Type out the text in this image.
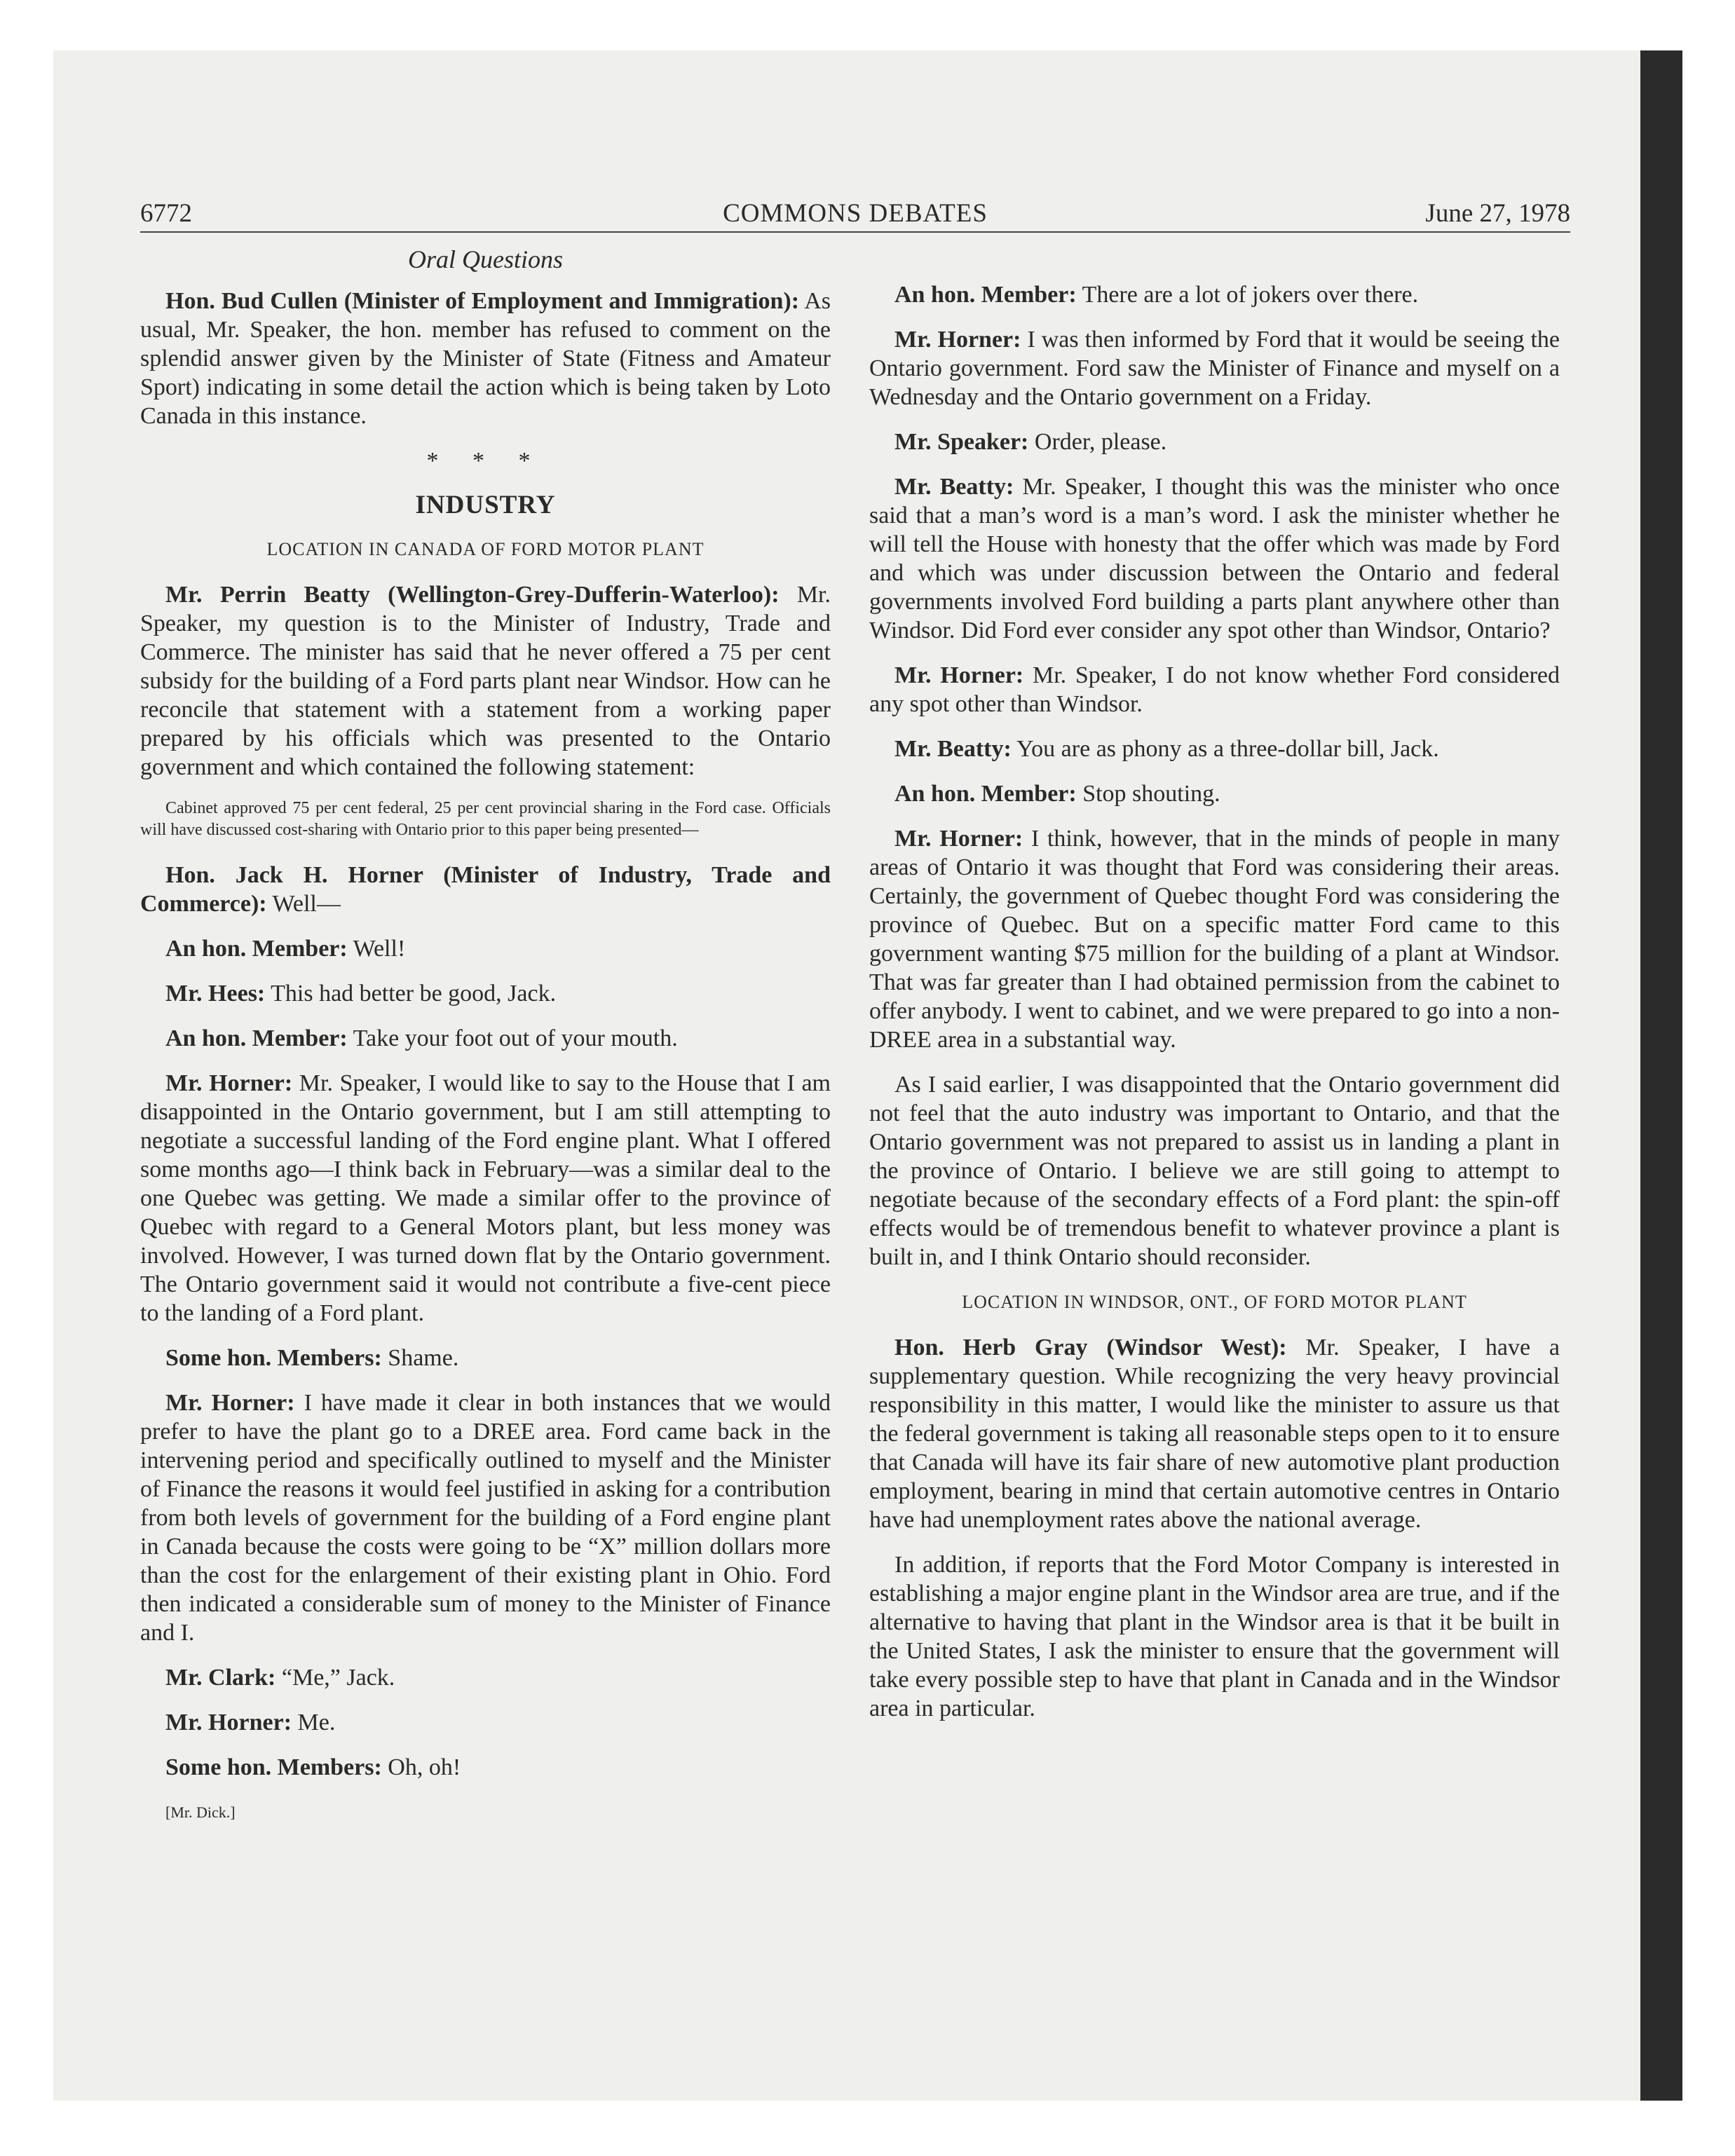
6772	COMMONS DEBATES	June 27, 1978
Oral Questions

Hon. Bud Cullen (Minister of Employment and Immigration): As usual, Mr. Speaker, the hon. member has refused to comment on the splendid answer given by the Minister of State (Fitness and Amateur Sport) indicating in some detail the action which is being taken by Loto Canada in this instance.

* * *
INDUSTRY
LOCATION IN CANADA OF FORD MOTOR PLANT

Mr. Perrin Beatty (Wellington-Grey-Dufferin-Waterloo): Mr. Speaker, my question is to the Minister of Industry, Trade and Commerce. The minister has said that he never offered a 75 per cent subsidy for the building of a Ford parts plant near Windsor. How can he reconcile that statement with a statement from a working paper prepared by his officials which was presented to the Ontario government and which contained the following statement:

Cabinet approved 75 per cent federal, 25 per cent provincial sharing in the Ford case. Officials will have discussed cost-sharing with Ontario prior to this paper being presented—

Hon. Jack H. Horner (Minister of Industry, Trade and Commerce): Well—

An hon. Member: Well!

Mr. Hees: This had better be good, Jack.

An hon. Member: Take your foot out of your mouth.

Mr. Horner: Mr. Speaker, I would like to say to the House that I am disappointed in the Ontario government, but I am still attempting to negotiate a successful landing of the Ford engine plant. What I offered some months ago—I think back in February—was a similar deal to the one Quebec was getting. We made a similar offer to the province of Quebec with regard to a General Motors plant, but less money was involved. However, I was turned down flat by the Ontario government. The Ontario government said it would not contribute a five-cent piece to the landing of a Ford plant.

Some hon. Members: Shame.

Mr. Horner: I have made it clear in both instances that we would prefer to have the plant go to a DREE area. Ford came back in the intervening period and specifically outlined to myself and the Minister of Finance the reasons it would feel justified in asking for a contribution from both levels of government for the building of a Ford engine plant in Canada because the costs were going to be “X” million dollars more than the cost for the enlargement of their existing plant in Ohio. Ford then indicated a considerable sum of money to the Minister of Finance and I.

Mr. Clark: “Me,” Jack.

Mr. Horner: Me.

Some hon. Members: Oh, oh!

[Mr. Dick.]

An hon. Member: There are a lot of jokers over there.

Mr. Horner: I was then informed by Ford that it would be seeing the Ontario government. Ford saw the Minister of Finance and myself on a Wednesday and the Ontario government on a Friday.

Mr. Speaker: Order, please.

Mr. Beatty: Mr. Speaker, I thought this was the minister who once said that a man’s word is a man’s word. I ask the minister whether he will tell the House with honesty that the offer which was made by Ford and which was under discussion between the Ontario and federal governments involved Ford building a parts plant anywhere other than Windsor. Did Ford ever consider any spot other than Windsor, Ontario?

Mr. Horner: Mr. Speaker, I do not know whether Ford considered any spot other than Windsor.

Mr. Beatty: You are as phony as a three-dollar bill, Jack.

An hon. Member: Stop shouting.

Mr. Horner: I think, however, that in the minds of people in many areas of Ontario it was thought that Ford was considering their areas. Certainly, the government of Quebec thought Ford was considering the province of Quebec. But on a specific matter Ford came to this government wanting $75 million for the building of a plant at Windsor. That was far greater than I had obtained permission from the cabinet to offer anybody. I went to cabinet, and we were prepared to go into a non-DREE area in a substantial way.

As I said earlier, I was disappointed that the Ontario government did not feel that the auto industry was important to Ontario, and that the Ontario government was not prepared to assist us in landing a plant in the province of Ontario. I believe we are still going to attempt to negotiate because of the secondary effects of a Ford plant: the spin-off effects would be of tremendous benefit to whatever province a plant is built in, and I think Ontario should reconsider.

LOCATION IN WINDSOR, ONT., OF FORD MOTOR PLANT

Hon. Herb Gray (Windsor West): Mr. Speaker, I have a supplementary question. While recognizing the very heavy provincial responsibility in this matter, I would like the minister to assure us that the federal government is taking all reasonable steps open to it to ensure that Canada will have its fair share of new automotive plant production employment, bearing in mind that certain automotive centres in Ontario have had unemployment rates above the national average.

In addition, if reports that the Ford Motor Company is interested in establishing a major engine plant in the Windsor area are true, and if the alternative to having that plant in the Windsor area is that it be built in the United States, I ask the minister to ensure that the government will take every possible step to have that plant in Canada and in the Windsor area in particular.
